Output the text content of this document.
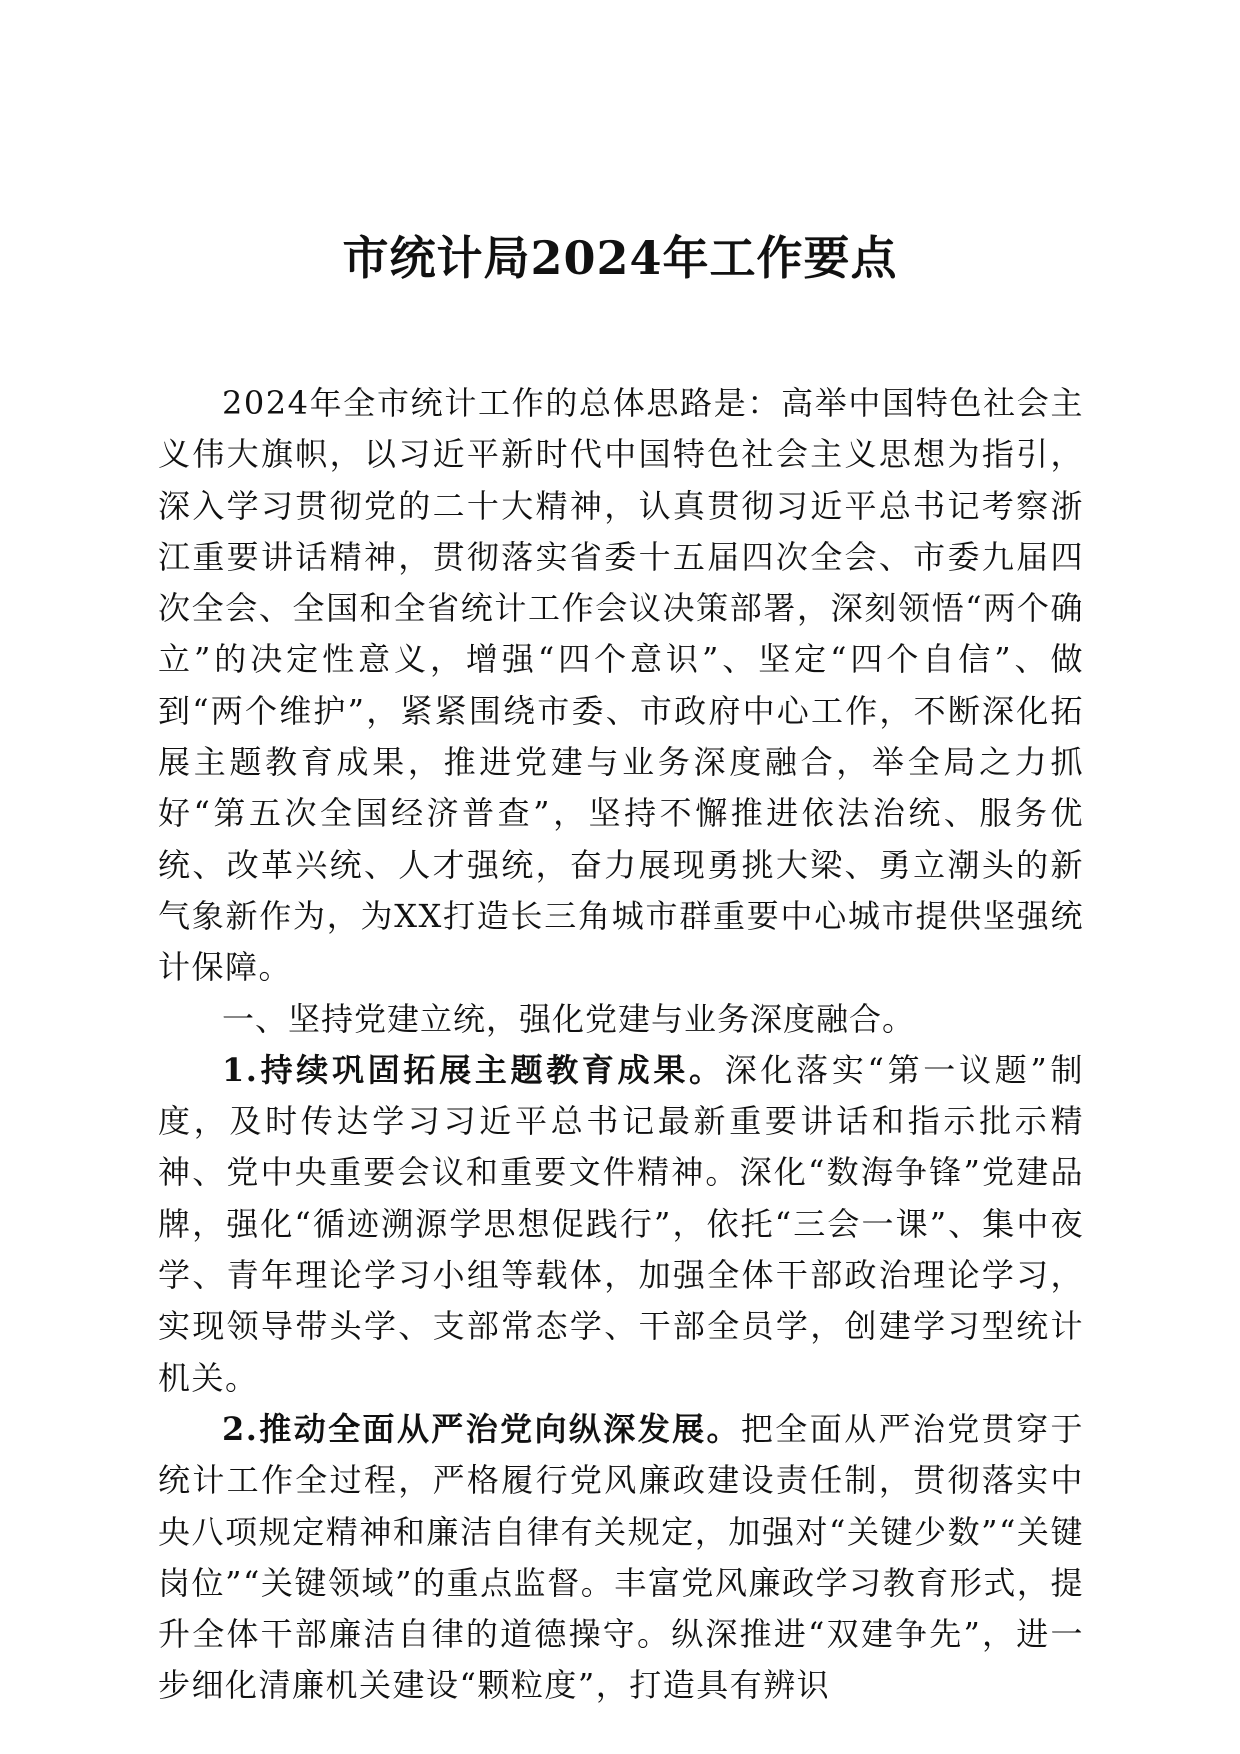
市统计局2024年工作要点

2024年全市统计工作的总体思路是：高举中国特色社会主义伟大旗帜，以习近平新时代中国特色社会主义思想为指引，深入学习贯彻党的二十大精神，认真贯彻习近平总书记考察浙江重要讲话精神，贯彻落实省委十五届四次全会、市委九届四次全会、全国和全省统计工作会议决策部署，深刻领悟“两个确立”的决定性意义，增强“四个意识”、坚定“四个自信”、做到“两个维护”，紧紧围绕市委、市政府中心工作，不断深化拓展主题教育成果，推进党建与业务深度融合，举全局之力抓好“第五次全国经济普查”，坚持不懈推进依法治统、服务优统、改革兴统、人才强统，奋力展现勇挑大梁、勇立潮头的新气象新作为，为XX打造长三角城市群重要中心城市提供坚强统计保障。

一、坚持党建立统，强化党建与业务深度融合。

1.持续巩固拓展主题教育成果。深化落实“第一议题”制度，及时传达学习习近平总书记最新重要讲话和指示批示精神、党中央重要会议和重要文件精神。深化“数海争锋”党建品牌，强化“循迹溯源学思想促践行”，依托“三会一课”、集中夜学、青年理论学习小组等载体，加强全体干部政治理论学习，实现领导带头学、支部常态学、干部全员学，创建学习型统计机关。

2.推动全面从严治党向纵深发展。把全面从严治党贯穿于统计工作全过程，严格履行党风廉政建设责任制，贯彻落实中央八项规定精神和廉洁自律有关规定，加强对“关键少数”“关键岗位”“关键领域”的重点监督。丰富党风廉政学习教育形式，提升全体干部廉洁自律的道德操守。纵深推进“双建争先”，进一步细化清廉机关建设“颗粒度”，打造具有辨识
